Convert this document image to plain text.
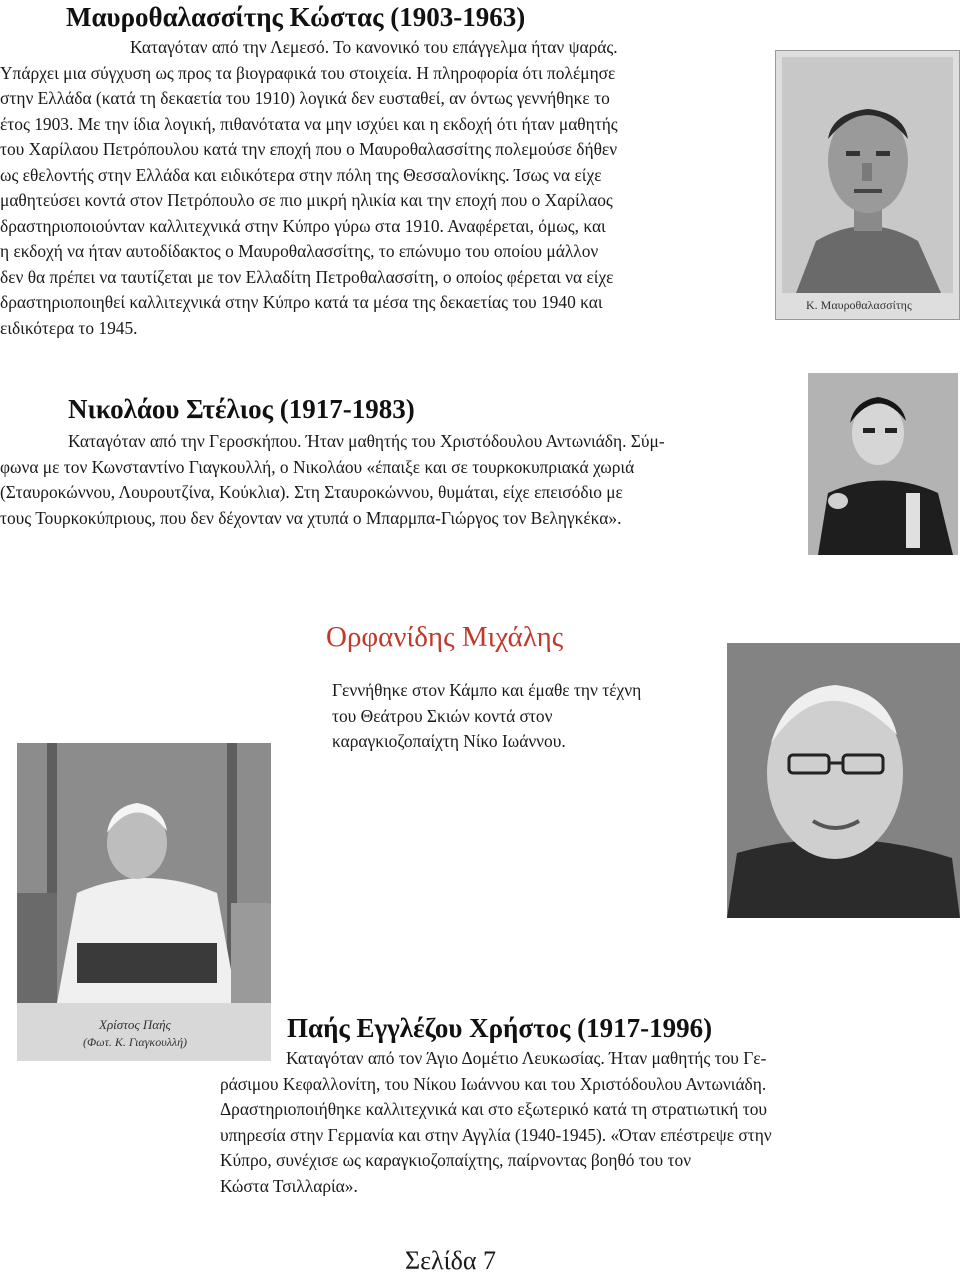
Μαυροθαλασσίτης Κώστας (1903-1963)
Καταγόταν από την Λεμεσό. Το κανονικό του επάγγελμα ήταν ψαράς.
Υπάρχει μια σύγχυση ως προς τα βιογραφικά του στοιχεία. Η πληροφορία ότι πολέμησε
στην Ελλάδα (κατά τη δεκαετία του 1910) λογικά δεν ευσταθεί, αν όντως γεννήθηκε το
έτος 1903. Με την ίδια λογική, πιθανότατα να μην ισχύει και η εκδοχή ότι ήταν μαθητής
του Χαρίλαου Πετρόπουλου κατά την εποχή που ο Μαυροθαλασσίτης πολεμούσε δήθεν
ως εθελοντής στην Ελλάδα και ειδικότερα στην πόλη της Θεσσαλονίκης. Ίσως να είχε
μαθητεύσει κοντά στον Πετρόπουλο σε πιο μικρή ηλικία και την εποχή που ο Χαρίλαος
δραστηριοποιούνταν καλλιτεχνικά στην Κύπρο γύρω στα 1910. Αναφέρεται, όμως, και
η εκδοχή να ήταν αυτοδίδακτος ο Μαυροθαλασσίτης, το επώνυμο του οποίου μάλλον
δεν θα πρέπει να ταυτίζεται με τον Ελλαδίτη Πετροθαλασσίτη, ο οποίος φέρεται να είχε
δραστηριοποιηθεί καλλιτεχνικά στην Κύπρο κατά τα μέσα της δεκαετίας του 1940 και
ειδικότερα το 1945.
Κ. Μαυροθαλασσίτης
Νικολάου Στέλιος (1917-1983)
Καταγόταν από την Γεροσκήπου. Ήταν μαθητής του Χριστόδουλου Αντωνιάδη. Σύμ-
φωνα με τον Κωνσταντίνο Γιαγκουλλή, ο Νικολάου «έπαιξε και σε τουρκοκυπριακά χωριά
(Σταυροκώννου, Λουρουτζίνα, Κούκλια). Στη Σταυροκώννου, θυμάται, είχε επεισόδιο με
τους Τουρκοκύπριους, που δεν δέχονταν να χτυπά ο Μπαρμπα-Γιώργος τον Βεληγκέκα».
Ορφανίδης Μιχάλης
Γεννήθηκε στον Κάμπο και έμαθε την τέχνη
του Θεάτρου Σκιών κοντά στον
καραγκιοζοπαίχτη Νίκο Ιωάννου.
Χρίστος Παής
(Φωτ. Κ. Γιαγκουλλή)	Παής Εγγλέζου Χρήστος (1917-1996)
Καταγόταν από τον Άγιο Δομέτιο Λευκωσίας. Ήταν μαθητής του Γε-
ράσιμου Κεφαλλονίτη, του Νίκου Ιωάννου και του Χριστόδουλου Αντωνιάδη.
Δραστηριοποιήθηκε καλλιτεχνικά και στο εξωτερικό κατά τη στρατιωτική του
υπηρεσία στην Γερμανία και στην Αγγλία (1940-1945). «Όταν επέστρεψε στην
Κύπρο, συνέχισε ως καραγκιοζοπαίχτης, παίρνοντας βοηθό του τον
Κώστα Τσιλλαρία».
Σελίδα 7
